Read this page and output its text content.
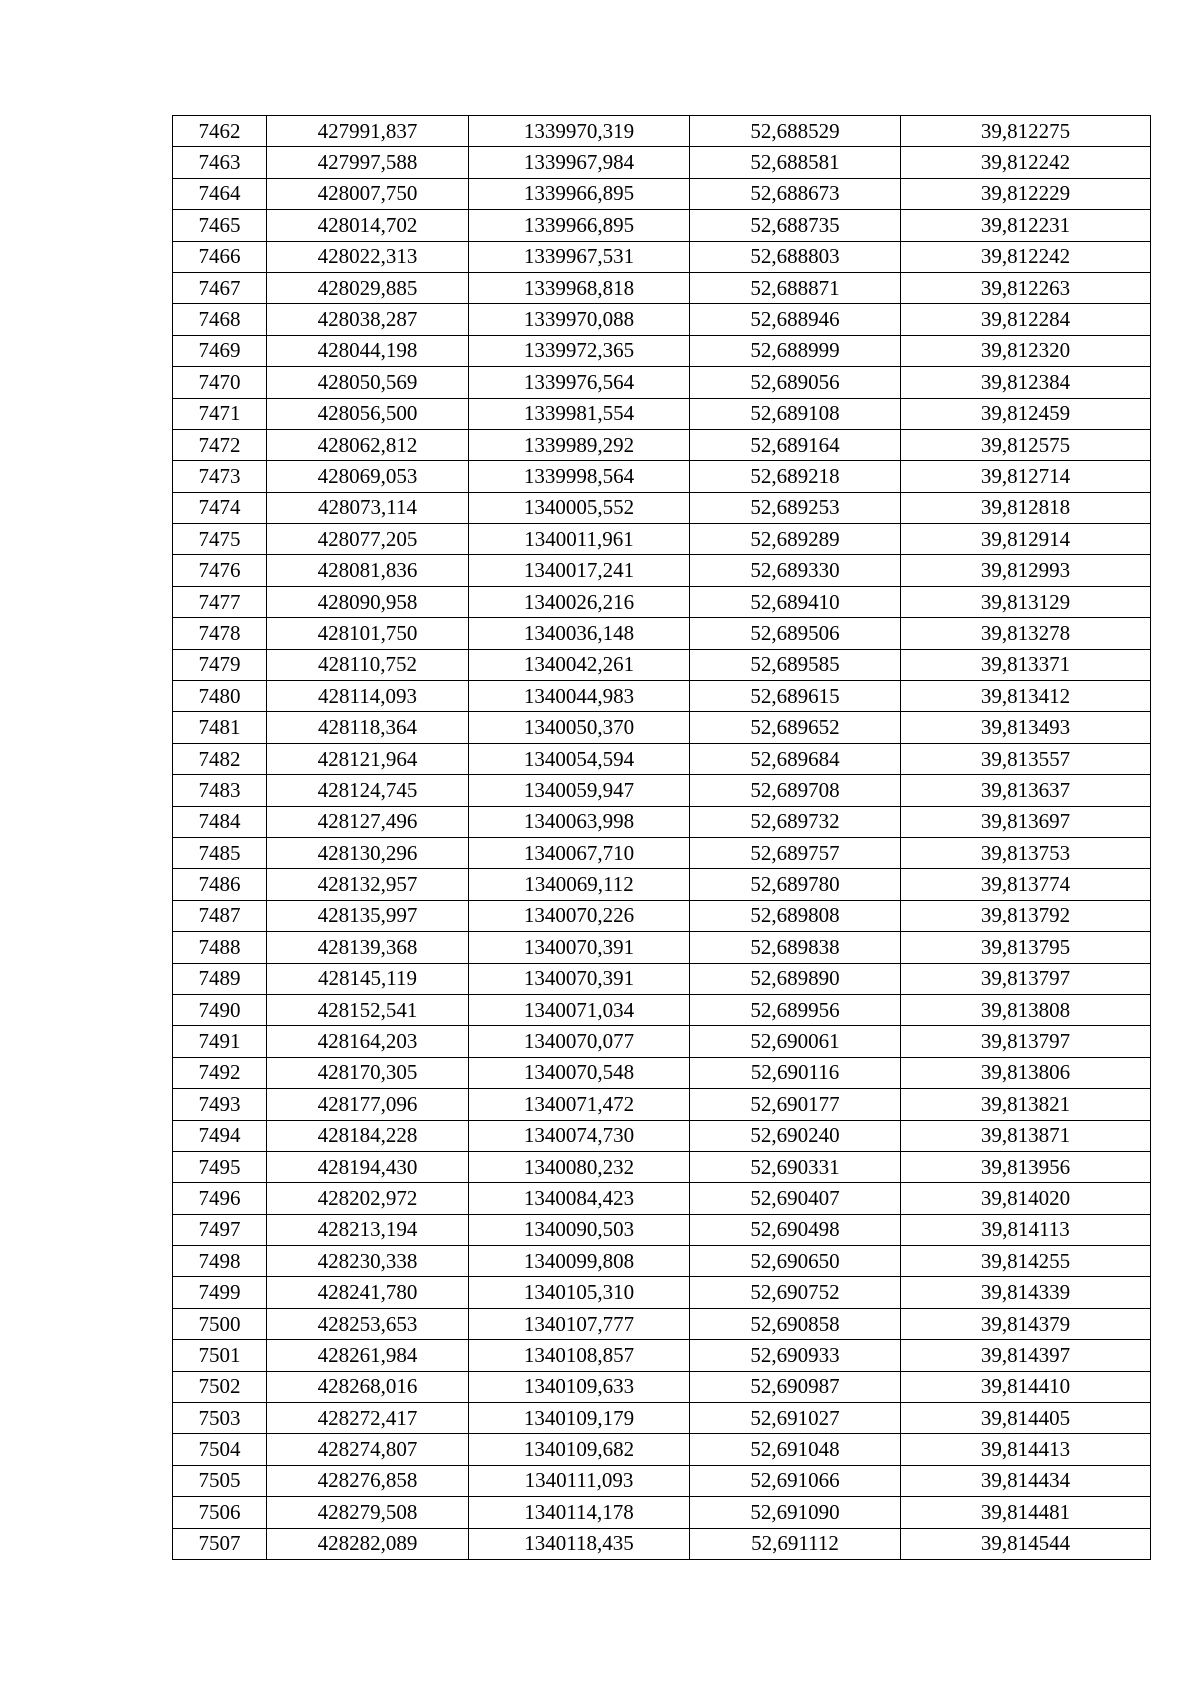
7462	427991,837	1339970,319	52,688529	39,812275
7463	427997,588	1339967,984	52,688581	39,812242
7464	428007,750	1339966,895	52,688673	39,812229
7465	428014,702	1339966,895	52,688735	39,812231
7466	428022,313	1339967,531	52,688803	39,812242
7467	428029,885	1339968,818	52,688871	39,812263
7468	428038,287	1339970,088	52,688946	39,812284
7469	428044,198	1339972,365	52,688999	39,812320
7470	428050,569	1339976,564	52,689056	39,812384
7471	428056,500	1339981,554	52,689108	39,812459
7472	428062,812	1339989,292	52,689164	39,812575
7473	428069,053	1339998,564	52,689218	39,812714
7474	428073,114	1340005,552	52,689253	39,812818
7475	428077,205	1340011,961	52,689289	39,812914
7476	428081,836	1340017,241	52,689330	39,812993
7477	428090,958	1340026,216	52,689410	39,813129
7478	428101,750	1340036,148	52,689506	39,813278
7479	428110,752	1340042,261	52,689585	39,813371
7480	428114,093	1340044,983	52,689615	39,813412
7481	428118,364	1340050,370	52,689652	39,813493
7482	428121,964	1340054,594	52,689684	39,813557
7483	428124,745	1340059,947	52,689708	39,813637
7484	428127,496	1340063,998	52,689732	39,813697
7485	428130,296	1340067,710	52,689757	39,813753
7486	428132,957	1340069,112	52,689780	39,813774
7487	428135,997	1340070,226	52,689808	39,813792
7488	428139,368	1340070,391	52,689838	39,813795
7489	428145,119	1340070,391	52,689890	39,813797
7490	428152,541	1340071,034	52,689956	39,813808
7491	428164,203	1340070,077	52,690061	39,813797
7492	428170,305	1340070,548	52,690116	39,813806
7493	428177,096	1340071,472	52,690177	39,813821
7494	428184,228	1340074,730	52,690240	39,813871
7495	428194,430	1340080,232	52,690331	39,813956
7496	428202,972	1340084,423	52,690407	39,814020
7497	428213,194	1340090,503	52,690498	39,814113
7498	428230,338	1340099,808	52,690650	39,814255
7499	428241,780	1340105,310	52,690752	39,814339
7500	428253,653	1340107,777	52,690858	39,814379
7501	428261,984	1340108,857	52,690933	39,814397
7502	428268,016	1340109,633	52,690987	39,814410
7503	428272,417	1340109,179	52,691027	39,814405
7504	428274,807	1340109,682	52,691048	39,814413
7505	428276,858	1340111,093	52,691066	39,814434
7506	428279,508	1340114,178	52,691090	39,814481
7507	428282,089	1340118,435	52,691112	39,814544
